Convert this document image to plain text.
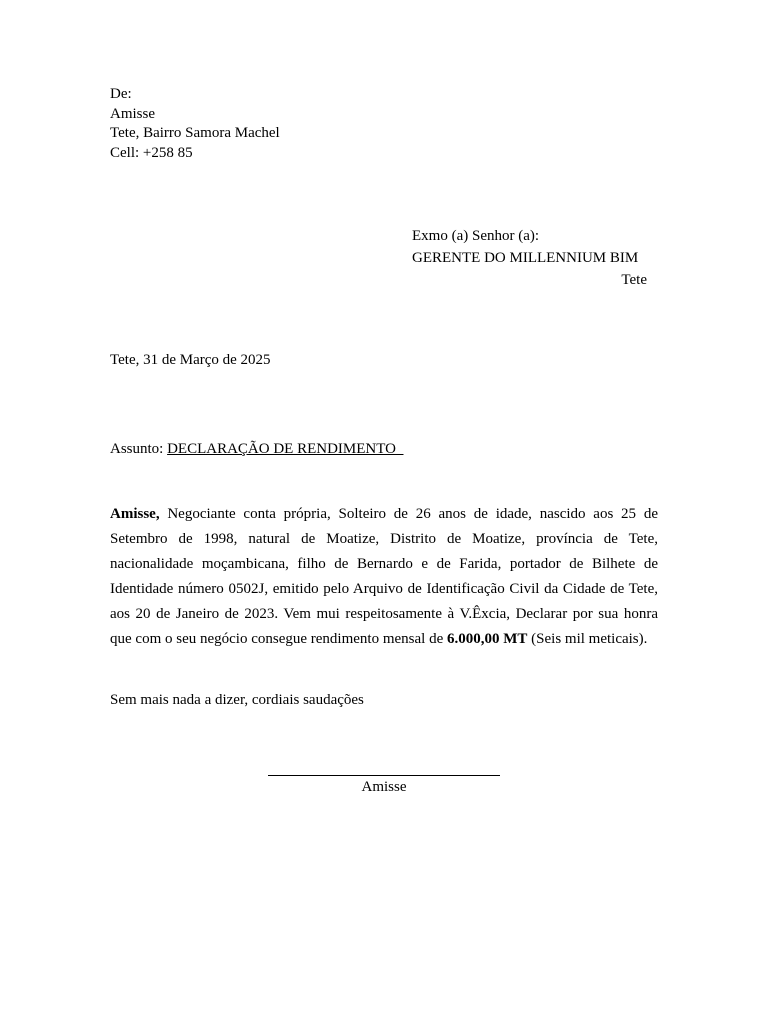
De:
Amisse
Tete, Bairro Samora Machel
Cell: +258 85
Exmo (a) Senhor (a):
GERENTE DO MILLENNIUM BIM
Tete
Tete, 31 de Março de 2025
Assunto: DECLARAÇÃO DE RENDIMENTO

Amisse, Negociante conta própria, Solteiro de 26 anos de idade, nascido aos 25 de Setembro de 1998, natural de Moatize, Distrito de Moatize, província de Tete, nacionalidade moçambicana, filho de Bernardo e de Farida, portador de Bilhete de Identidade número 0502J, emitido pelo Arquivo de Identificação Civil da Cidade de Tete, aos 20 de Janeiro de 2023. Vem mui respeitosamente à V.Êxcia, Declarar por sua honra que com o seu negócio consegue rendimento mensal de 6.000,00 MT (Seis mil meticais).

Sem mais nada a dizer, cordiais saudações
Amisse
